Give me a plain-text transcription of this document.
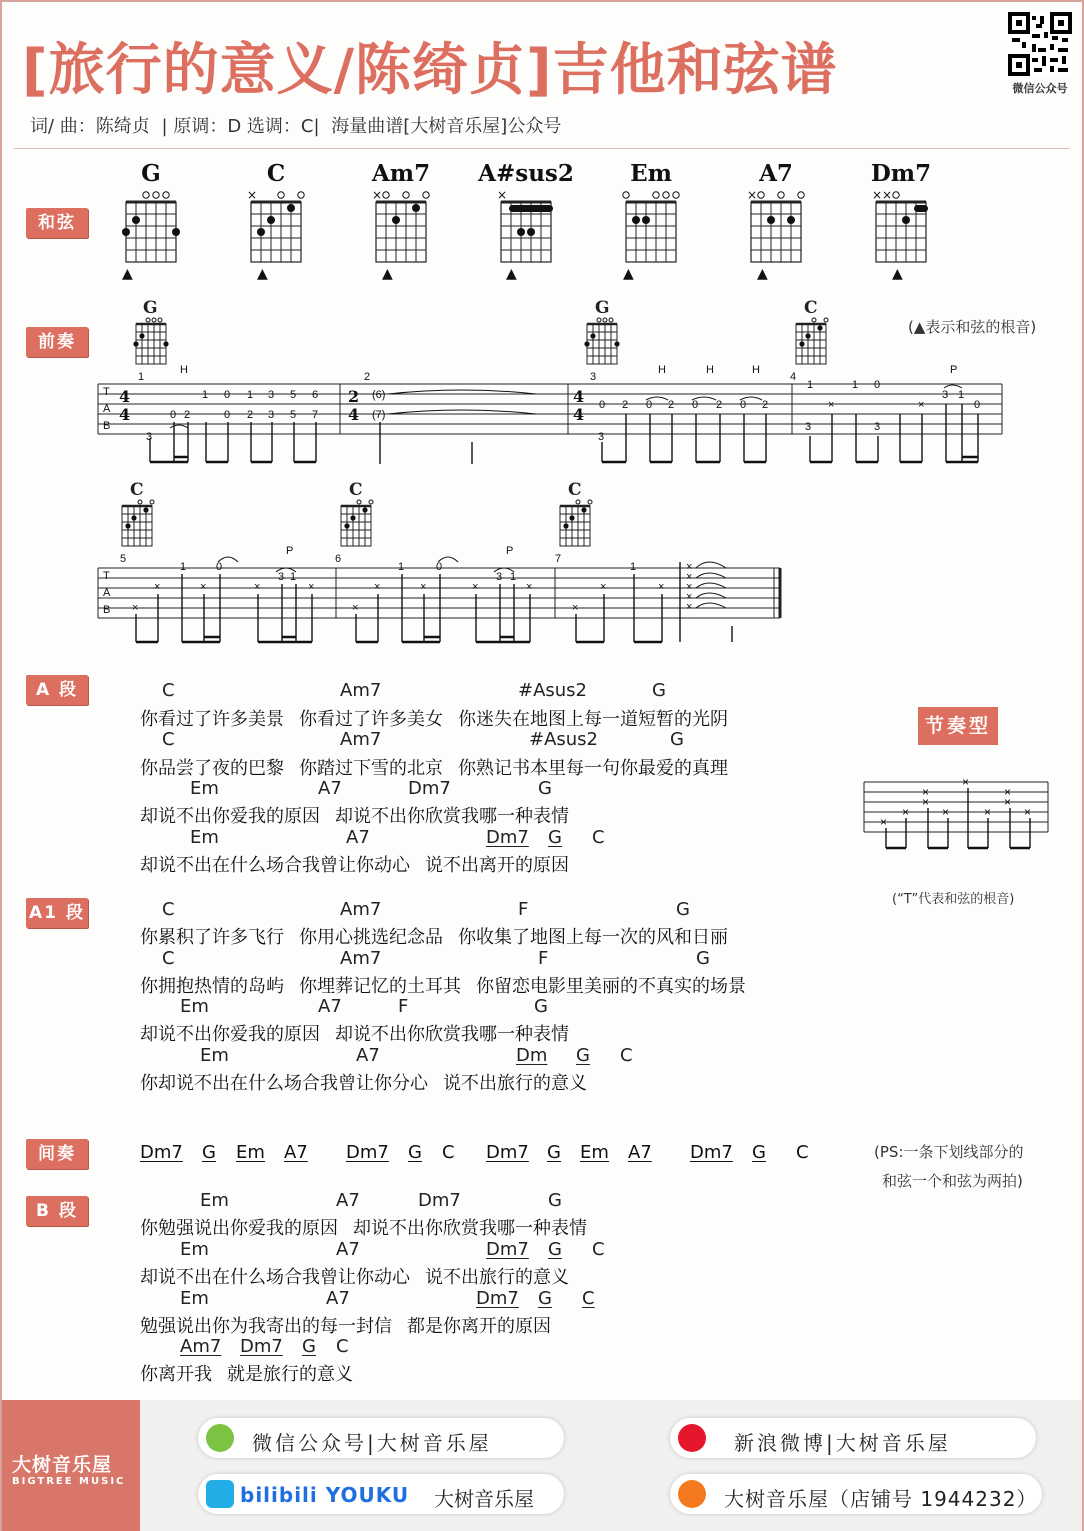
[旅行的意义/陈绮贞]吉他和弦谱	微信公众号
词/ 曲：陈绮贞 | 原调：D 选调：C| 海量曲谱[大树音乐屋]公众号
和弦
前奏
A 段
A1 段
间奏
B 段
节奏型
G	C	Am7	A#sus2	Em	A7	Dm7
▲	▲	▲	▲	▲	▲	▲
×	×	×	×	× ×
(▲表示和弦的根音)
G	G	C
C	C	C
T
A
B
1	2	3	4
H	H	H	H	P
3
0 2
1 0 1 3 5 6
0 2 3 5 7
(6)
(7)
3
0 2 0 2 0 2 0 2
1	1 0
3 1
0
×	×
3	3
4
4
2
4
4
4
T
A
B
5	6	7
P	P
×
×
1
×
0
×
3 1
×
×
×
1
×
0
×
3 1
×
×
×
1
×
×
×
×
×
×
×
×
×
×
×
×
×
×
×
×
(“T”代表和弦的根音)
C	Am7	#Asus2	G
你看过了许多美景   你看过了许多美女   你迷失在地图上每一道短暂的光阴
C	Am7	#Asus2	G
你品尝了夜的巴黎   你踏过下雪的北京   你熟记书本里每一句你最爱的真理
Em	A7	Dm7	G
却说不出你爱我的原因   却说不出你欣赏我哪一种表情
Em	A7	Dm7 G C
却说不出在什么场合我曾让你动心   说不出离开的原因
C	Am7	F	G
你累积了许多飞行   你用心挑选纪念品   你收集了地图上每一次的风和日丽
C	Am7	F	G
你拥抱热情的岛屿   你埋葬记忆的土耳其   你留恋电影里美丽的不真实的场景
Em	A7	F	G
却说不出你爱我的原因   却说不出你欣赏我哪一种表情
Em	A7	Dm G C
你却说不出在什么场合我曾让你分心   说不出旅行的意义
Dm7 G Em A7 Dm7 G C Dm7 G Em A7 Dm7 G C	(PS:一条下划线部分的
和弦一个和弦为两拍)
Em	A7	Dm7	G
你勉强说出你爱我的原因   却说不出你欣赏我哪一种表情
Em	A7	Dm7 G C
却说不出在什么场合我曾让你动心   说不出旅行的意义
Em	A7	Dm7 G C
勉强说出你为我寄出的每一封信   都是你离开的原因
Am7 Dm7 G C
你离开我   就是旅行的意义
大树音乐屋
BIGTREE MUSIC
微信公众号|大树音乐屋	新浪微博|大树音乐屋
bilibili YOUKU 大树音乐屋	大树音乐屋（店铺号 1944232）
